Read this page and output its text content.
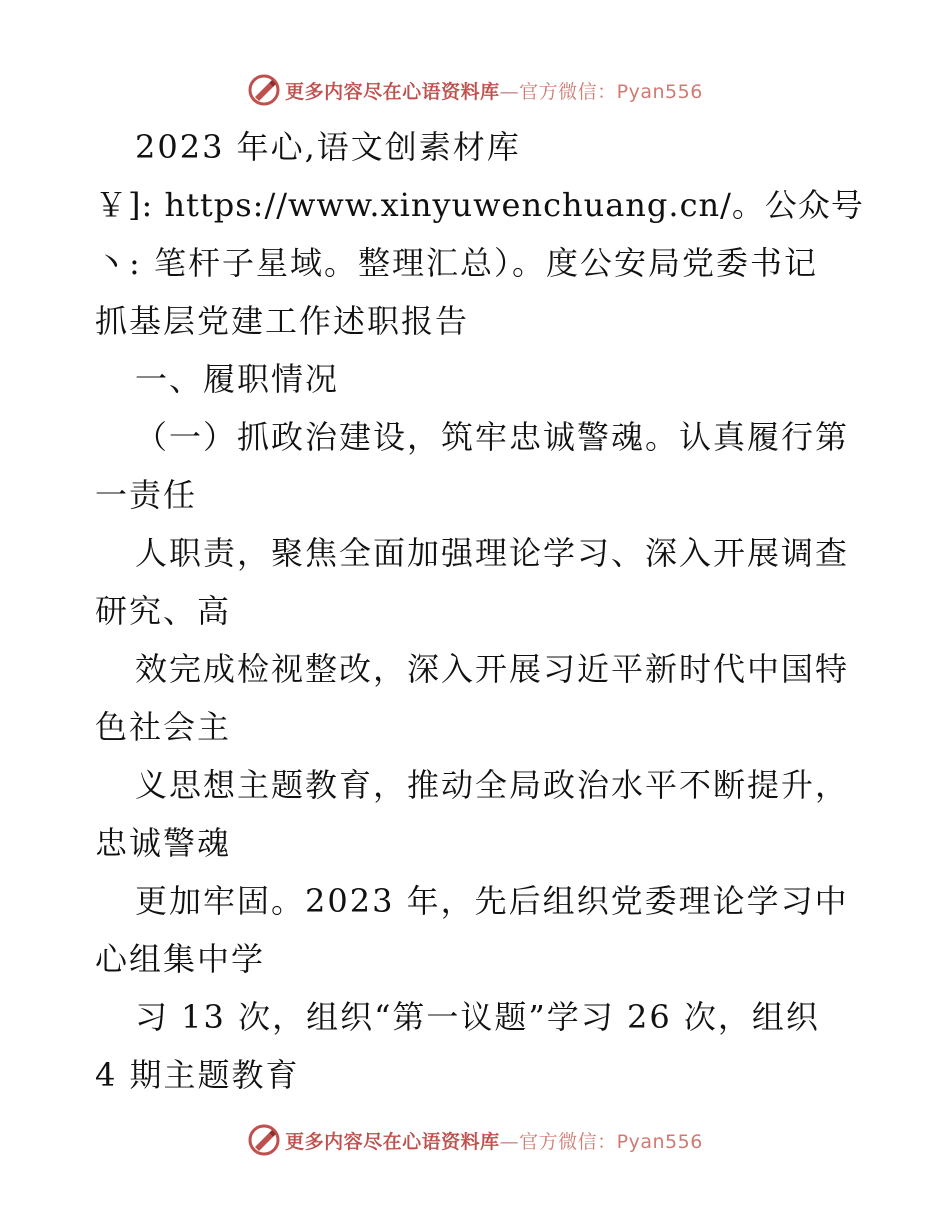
更多内容尽在心语资料库—官方微信：Pyan556
2023 年心,语文创素材库
￥]: https://www.xinyuwenchuang.cn/。公众号
丶: 笔杆子星域。整理汇总）。度公安局党委书记
抓基层党建工作述职报告
一、履职情况
（一）抓政治建设，筑牢忠诚警魂。认真履行第
一责任
人职责，聚焦全面加强理论学习、深入开展调查
研究、高
效完成检视整改，深入开展习近平新时代中国特
色社会主
义思想主题教育，推动全局政治水平不断提升，
忠诚警魂
更加牢固。2023 年，先后组织党委理论学习中
心组集中学
习 13 次，组织“第一议题”学习 26 次，组织
4 期主题教育
更多内容尽在心语资料库—官方微信：Pyan556
